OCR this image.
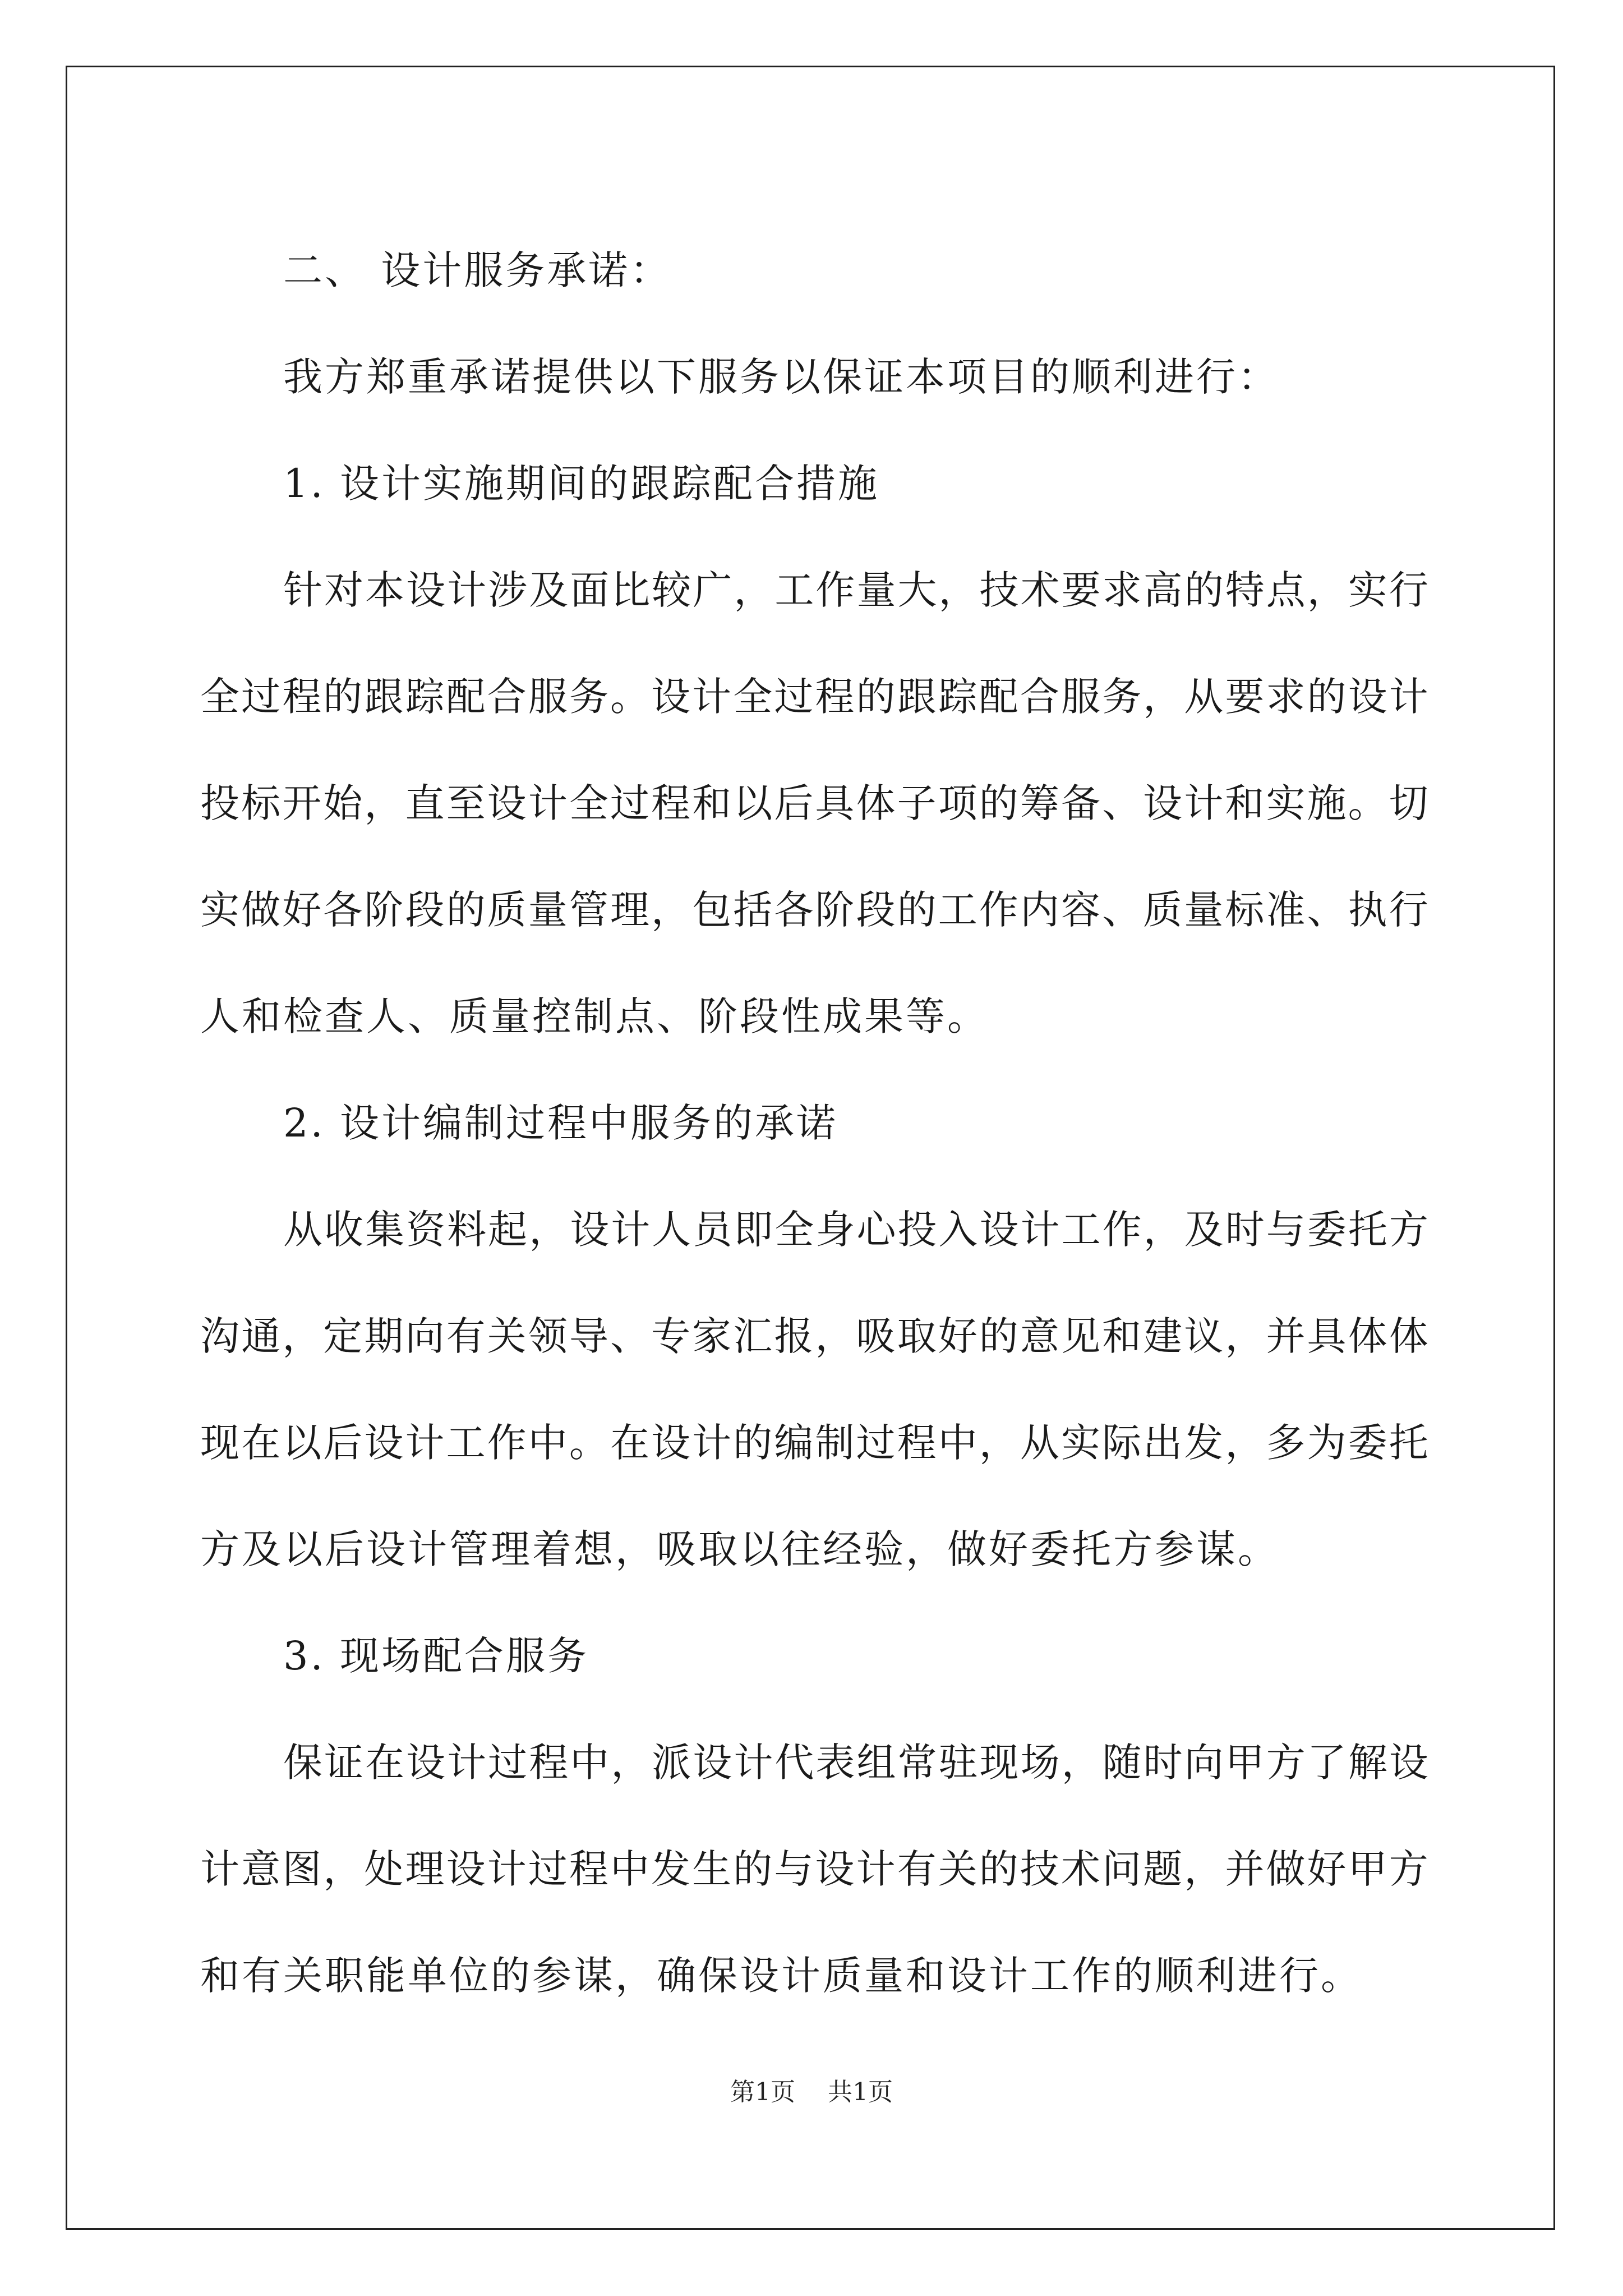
二、 设计服务承诺：
我方郑重承诺提供以下服务以保证本项目的顺利进行：
1. 设计实施期间的跟踪配合措施
针 对 本 设 计 涉 及 面 比 较 广 ， 工 作 量 大 ， 技 术 要 求 高 的 特 点 ， 实 行
全 过 程 的 跟 踪 配 合 服 务 。 设 计 全 过 程 的 跟 踪 配 合 服 务 ， 从 要 求 的 设 计
投 标 开 始 ， 直 至 设 计 全 过 程 和 以 后 具 体 子 项 的 筹 备 、 设 计 和 实 施 。 切
实 做 好 各 阶 段 的 质 量 管 理 ， 包 括 各 阶 段 的 工 作 内 容 、 质 量 标 准 、 执 行
人和检查人、质量控制点、阶段性成果等。
2. 设计编制过程中服务的承诺
从 收 集 资 料 起 ， 设 计 人 员 即 全 身 心 投 入 设 计 工 作 ， 及 时 与 委 托 方
沟 通 ， 定 期 向 有 关 领 导 、 专 家 汇 报 ， 吸 取 好 的 意 见 和 建 议 ， 并 具 体 体
现 在 以 后 设 计 工 作 中 。 在 设 计 的 编 制 过 程 中 ， 从 实 际 出 发 ， 多 为 委 托
方及以后设计管理着想，吸取以往经验，做好委托方参谋。
3. 现场配合服务
保 证 在 设 计 过 程 中 ， 派 设 计 代 表 组 常 驻 现 场 ， 随 时 向 甲 方 了 解 设
计 意 图 ， 处 理 设 计 过 程 中 发 生 的 与 设 计 有 关 的 技 术 问 题 ， 并 做 好 甲 方
和有关职能单位的参谋，确保设计质量和设计工作的顺利进行。
第1页 共1页
